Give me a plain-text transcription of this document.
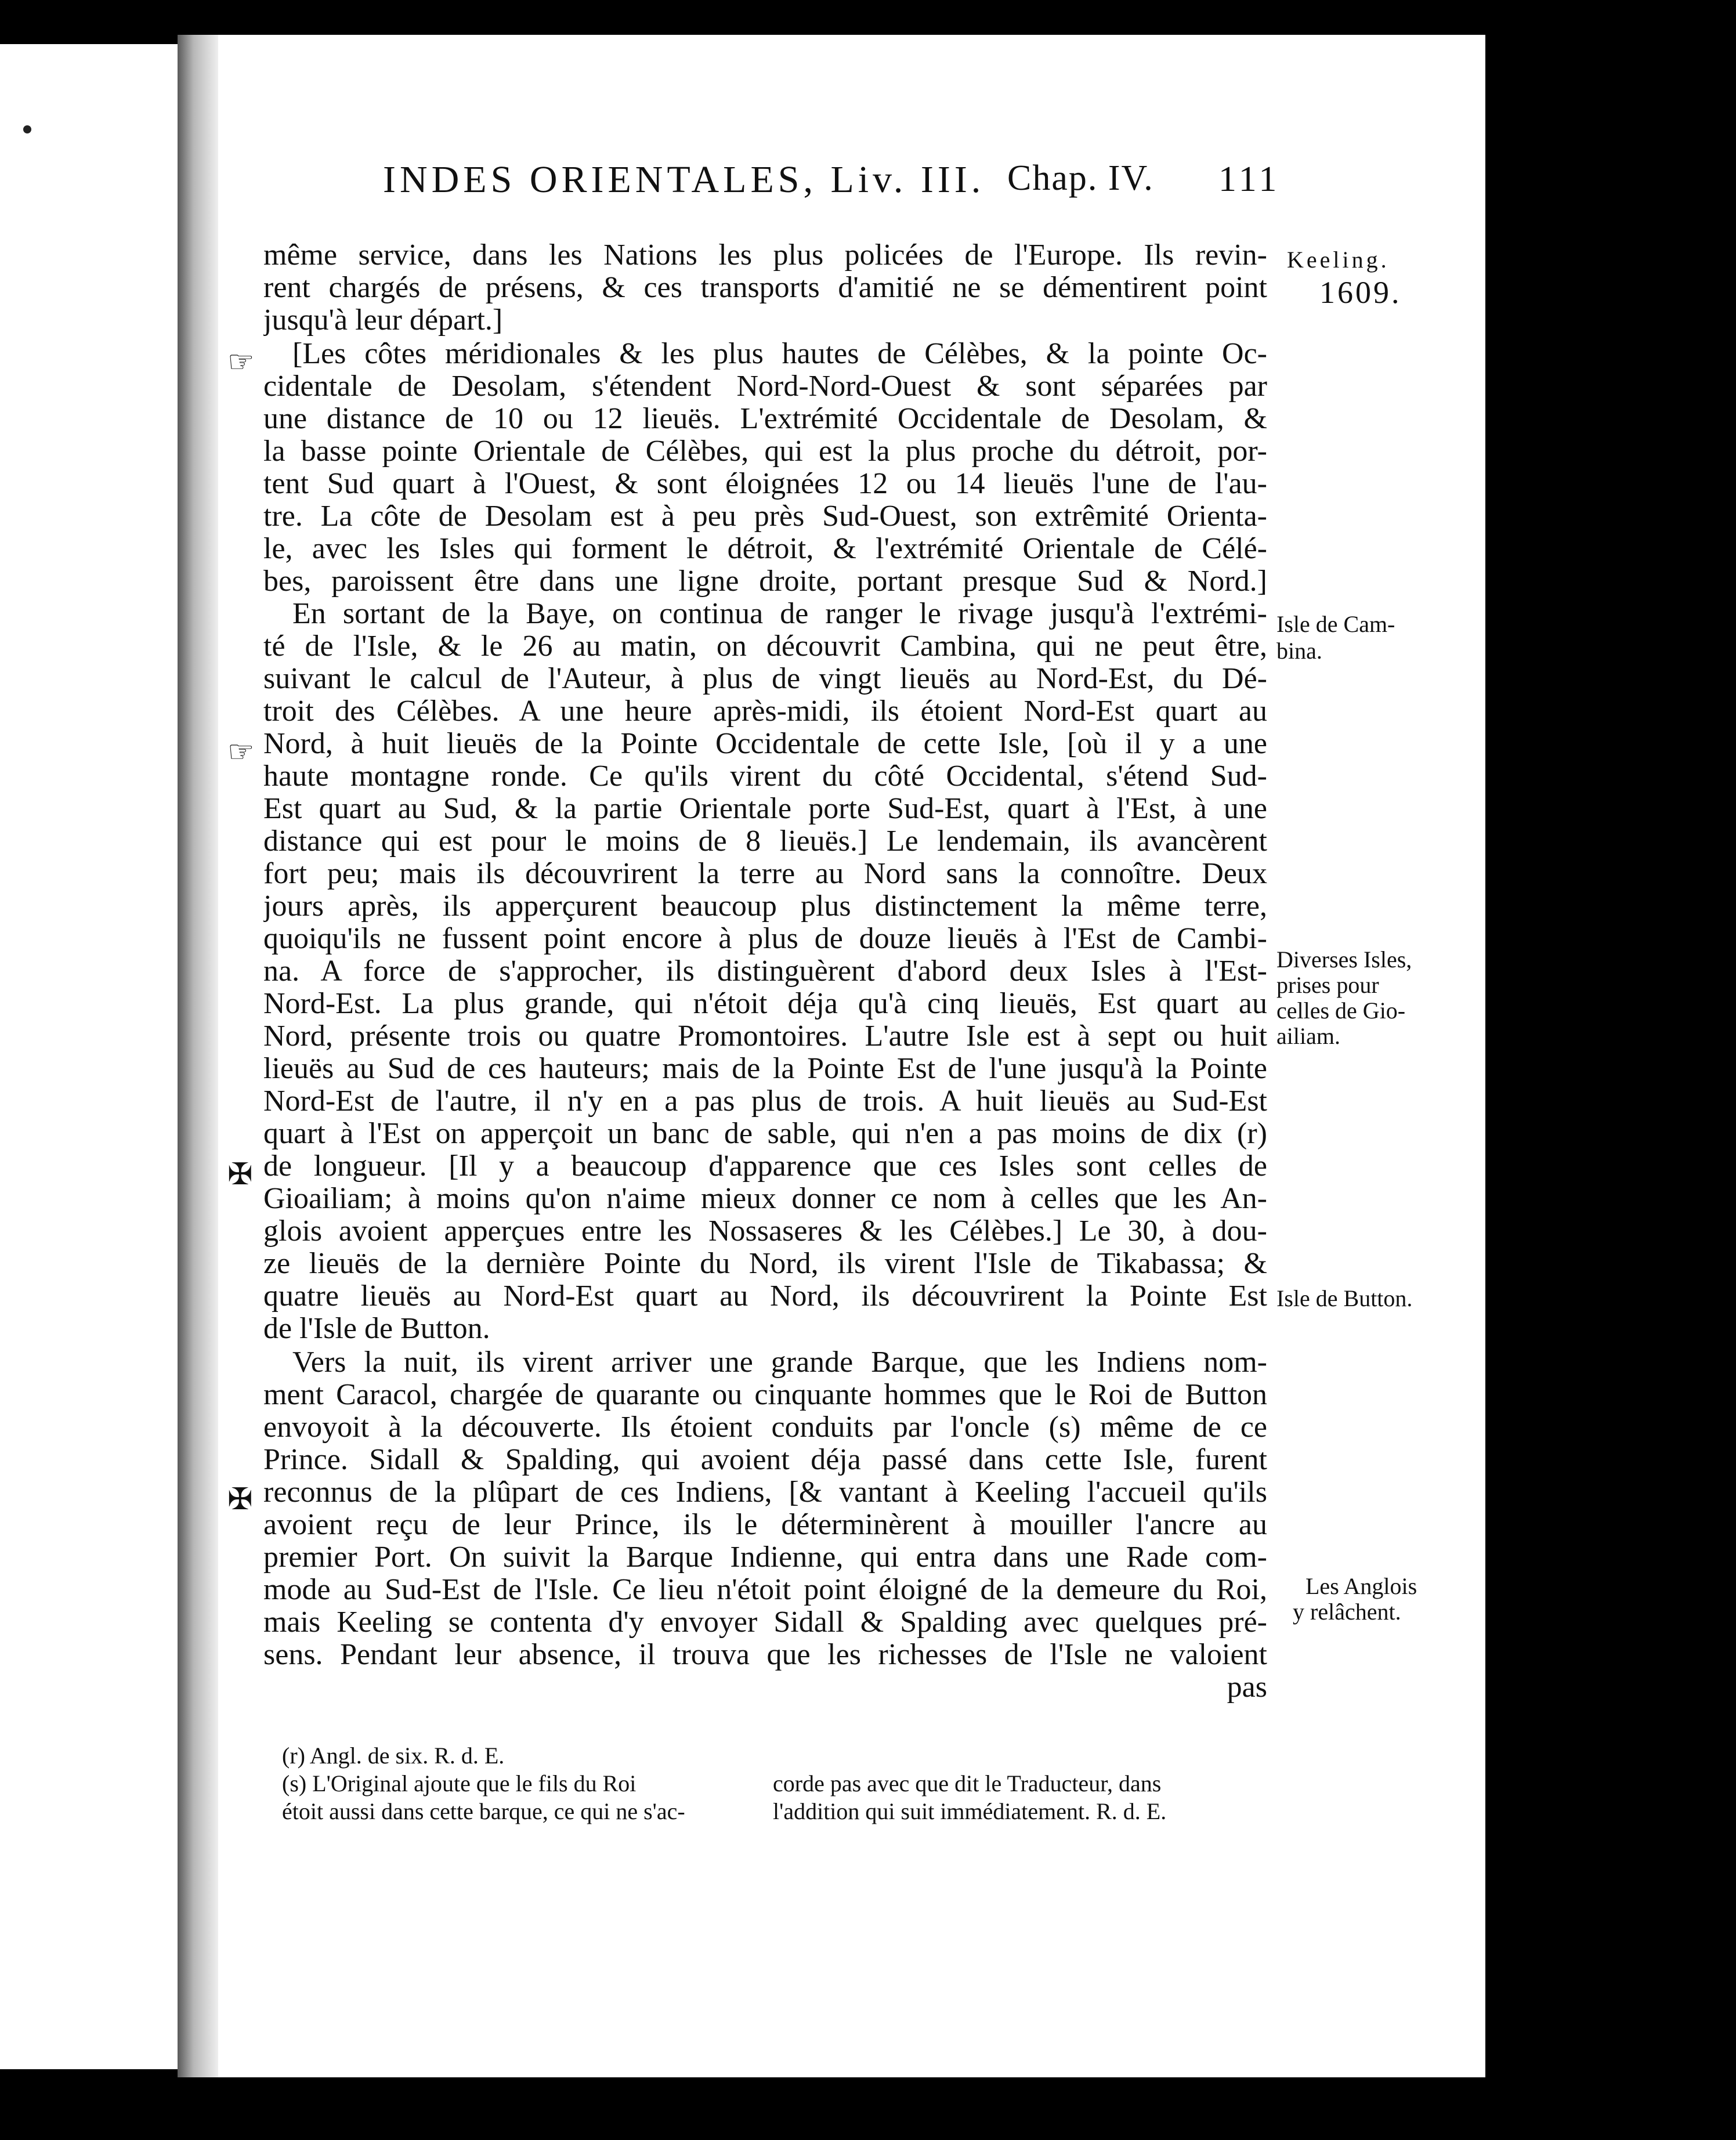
INDES ORIENTALES, Liv. III. Chap. IV. 111
☞
☞
✠
✠
même service, dans les Nations les plus policées de l'Europe. Ils revin-
rent chargés de présens, & ces transports d'amitié ne se démentirent point
jusqu'à leur départ.]
[Les côtes méridionales & les plus hautes de Célèbes, & la pointe Oc-
cidentale de Desolam, s'étendent Nord-Nord-Ouest & sont séparées par
une distance de 10 ou 12 lieuës. L'extrémité Occidentale de Desolam, &
la basse pointe Orientale de Célèbes, qui est la plus proche du détroit, por-
tent Sud quart à l'Ouest, & sont éloignées 12 ou 14 lieuës l'une de l'au-
tre. La côte de Desolam est à peu près Sud-Ouest, son extrêmité Orienta-
le, avec les Isles qui forment le détroit, & l'extrémité Orientale de Célé-
bes, paroissent être dans une ligne droite, portant presque Sud & Nord.]
En sortant de la Baye, on continua de ranger le rivage jusqu'à l'extrémi-
té de l'Isle, & le 26 au matin, on découvrit Cambina, qui ne peut être,
suivant le calcul de l'Auteur, à plus de vingt lieuës au Nord-Est, du Dé-
troit des Célèbes. A une heure après-midi, ils étoient Nord-Est quart au
Nord, à huit lieuës de la Pointe Occidentale de cette Isle, [où il y a une
haute montagne ronde. Ce qu'ils virent du côté Occidental, s'étend Sud-
Est quart au Sud, & la partie Orientale porte Sud-Est, quart à l'Est, à une
distance qui est pour le moins de 8 lieuës.] Le lendemain, ils avancèrent
fort peu; mais ils découvrirent la terre au Nord sans la connoître. Deux
jours après, ils apperçurent beaucoup plus distinctement la même terre,
quoiqu'ils ne fussent point encore à plus de douze lieuës à l'Est de Cambi-
na. A force de s'approcher, ils distinguèrent d'abord deux Isles à l'Est-
Nord-Est. La plus grande, qui n'étoit déja qu'à cinq lieuës, Est quart au
Nord, présente trois ou quatre Promontoires. L'autre Isle est à sept ou huit
lieuës au Sud de ces hauteurs; mais de la Pointe Est de l'une jusqu'à la Pointe
Nord-Est de l'autre, il n'y en a pas plus de trois. A huit lieuës au Sud-Est
quart à l'Est on apperçoit un banc de sable, qui n'en a pas moins de dix (r)
de longueur. [Il y a beaucoup d'apparence que ces Isles sont celles de
Gioailiam; à moins qu'on n'aime mieux donner ce nom à celles que les An-
glois avoient apperçues entre les Nossaseres & les Célèbes.] Le 30, à dou-
ze lieuës de la dernière Pointe du Nord, ils virent l'Isle de Tikabassa; &
quatre lieuës au Nord-Est quart au Nord, ils découvrirent la Pointe Est
de l'Isle de Button.
Vers la nuit, ils virent arriver une grande Barque, que les Indiens nom-
ment Caracol, chargée de quarante ou cinquante hommes que le Roi de Button
envoyoit à la découverte. Ils étoient conduits par l'oncle (s) même de ce
Prince. Sidall & Spalding, qui avoient déja passé dans cette Isle, furent
reconnus de la plûpart de ces Indiens, [& vantant à Keeling l'accueil qu'ils
avoient reçu de leur Prince, ils le déterminèrent à mouiller l'ancre au
premier Port. On suivit la Barque Indienne, qui entra dans une Rade com-
mode au Sud-Est de l'Isle. Ce lieu n'étoit point éloigné de la demeure du Roi,
mais Keeling se contenta d'y envoyer Sidall & Spalding avec quelques pré-
sens. Pendant leur absence, il trouva que les richesses de l'Isle ne valoient
pas
Keeling.
1609.
Isle de Cam-
bina.
Diverses Isles,
prises pour
celles de Gio-
ailiam.
Isle de Button.
Les Anglois
y relâchent.
(r) Angl. de six. R. d. E.
(s) L'Original ajoute que le fils du Roi
étoit aussi dans cette barque, ce qui ne s'ac-
corde pas avec que dit le Traducteur, dans
l'addition qui suit immédiatement. R. d. E.
